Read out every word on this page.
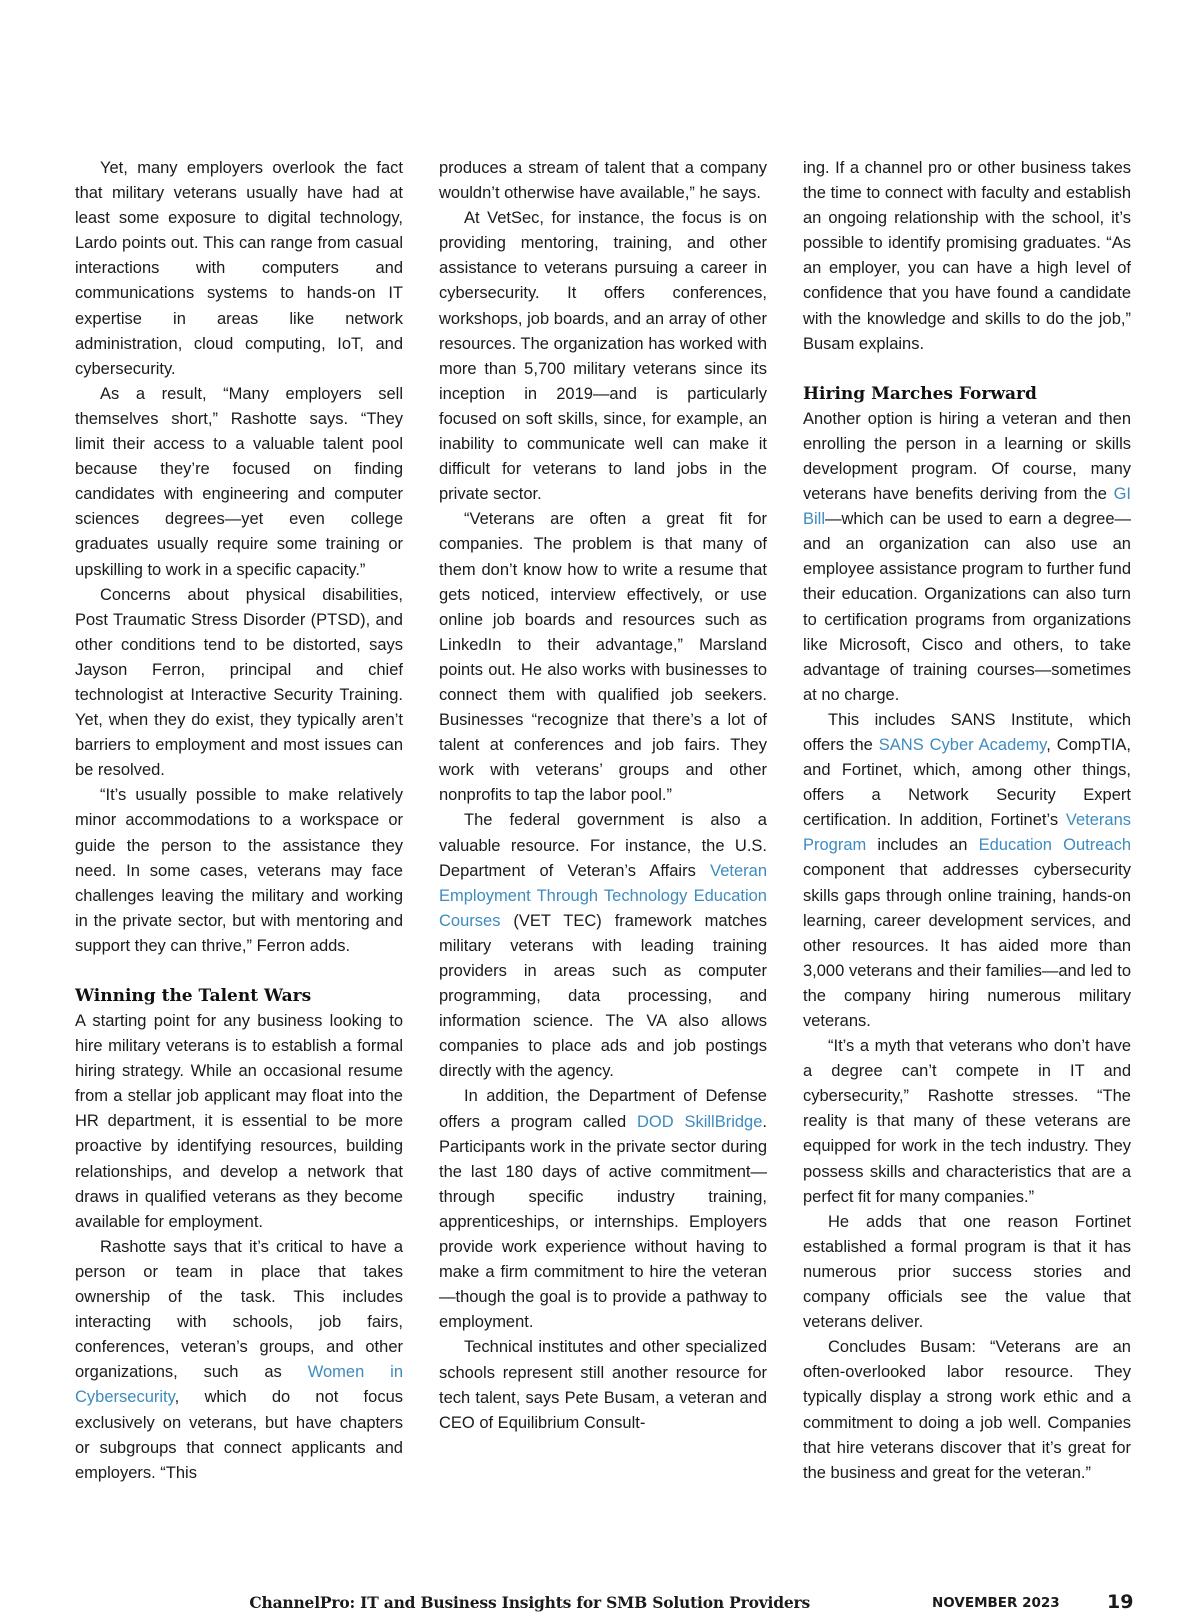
Yet, many employers overlook the fact that military veterans usually have had at least some exposure to digital technology, Lardo points out. This can range from casual interactions with computers and communications systems to hands-on IT expertise in areas like network administration, cloud computing, IoT, and cybersecurity.

As a result, “Many employers sell themselves short,” Rashotte says. “They limit their access to a valuable talent pool because they’re focused on finding candidates with engineering and computer sciences degrees—yet even college graduates usually require some training or upskilling to work in a specific capacity.”

Concerns about physical disabilities, Post Traumatic Stress Disorder (PTSD), and other conditions tend to be distorted, says Jayson Ferron, principal and chief technologist at Interactive Security Training. Yet, when they do exist, they typically aren’t barriers to employment and most issues can be resolved.

“It’s usually possible to make relatively minor accommodations to a workspace or guide the person to the assistance they need. In some cases, veterans may face challenges leaving the military and working in the private sector, but with mentoring and support they can thrive,” Ferron adds.

Winning the Talent Wars

A starting point for any business looking to hire military veterans is to establish a formal hiring strategy. While an occasional resume from a stellar job applicant may float into the HR department, it is essential to be more proactive by identifying resources, building relationships, and develop a network that draws in qualified veterans as they become available for employment.

Rashotte says that it’s critical to have a person or team in place that takes ownership of the task. This includes interacting with schools, job fairs, conferences, veteran’s groups, and other organizations, such as Women in Cybersecurity, which do not focus exclusively on veterans, but have chapters or subgroups that connect applicants and employers. “This

produces a stream of talent that a company wouldn’t otherwise have available,” he says.

At VetSec, for instance, the focus is on providing mentoring, training, and other assistance to veterans pursuing a career in cybersecurity. It offers conferences, workshops, job boards, and an array of other resources. The organization has worked with more than 5,700 military veterans since its inception in 2019—and is particularly focused on soft skills, since, for example, an inability to communicate well can make it difficult for veterans to land jobs in the private sector.

“Veterans are often a great fit for companies. The problem is that many of them don’t know how to write a resume that gets noticed, interview effectively, or use online job boards and resources such as LinkedIn to their advantage,” Marsland points out. He also works with businesses to connect them with qualified job seekers. Businesses “recognize that there’s a lot of talent at conferences and job fairs. They work with veterans’ groups and other nonprofits to tap the labor pool.”

The federal government is also a valuable resource. For instance, the U.S. Department of Veteran’s Affairs Veteran Employment Through Technology Education Courses (VET TEC) framework matches military veterans with leading training providers in areas such as computer programming, data processing, and information science. The VA also allows companies to place ads and job postings directly with the agency.

In addition, the Department of Defense offers a program called DOD SkillBridge. Participants work in the private sector during the last 180 days of active commitment—through specific industry training, apprenticeships, or internships. Employers provide work experience without having to make a firm commitment to hire the veteran—though the goal is to provide a pathway to employment.

Technical institutes and other specialized schools represent still another resource for tech talent, says Pete Busam, a veteran and CEO of Equilibrium Consult-

ing. If a channel pro or other business takes the time to connect with faculty and establish an ongoing relationship with the school, it’s possible to identify promising graduates. “As an employer, you can have a high level of confidence that you have found a candidate with the knowledge and skills to do the job,” Busam explains.

Hiring Marches Forward

Another option is hiring a veteran and then enrolling the person in a learning or skills development program. Of course, many veterans have benefits deriving from the GI Bill—which can be used to earn a degree—and an organization can also use an employee assistance program to further fund their education. Organizations can also turn to certification programs from organizations like Microsoft, Cisco and others, to take advantage of training courses—sometimes at no charge.

This includes SANS Institute, which offers the SANS Cyber Academy, CompTIA, and Fortinet, which, among other things, offers a Network Security Expert certification. In addition, Fortinet’s Veterans Program includes an Education Outreach component that addresses cybersecurity skills gaps through online training, hands-on learning, career development services, and other resources. It has aided more than 3,000 veterans and their families—and led to the company hiring numerous military veterans.

“It’s a myth that veterans who don’t have a degree can’t compete in IT and cybersecurity,” Rashotte stresses. “The reality is that many of these veterans are equipped for work in the tech industry. They possess skills and characteristics that are a perfect fit for many companies.”

He adds that one reason Fortinet established a formal program is that it has numerous prior success stories and company officials see the value that veterans deliver.

Concludes Busam: “Veterans are an often-overlooked labor resource. They typically display a strong work ethic and a commitment to doing a job well. Companies that hire veterans discover that it’s great for the business and great for the veteran.”

ChannelPro: IT and Business Insights for SMB Solution Providers	NOVEMBER 2023 19
